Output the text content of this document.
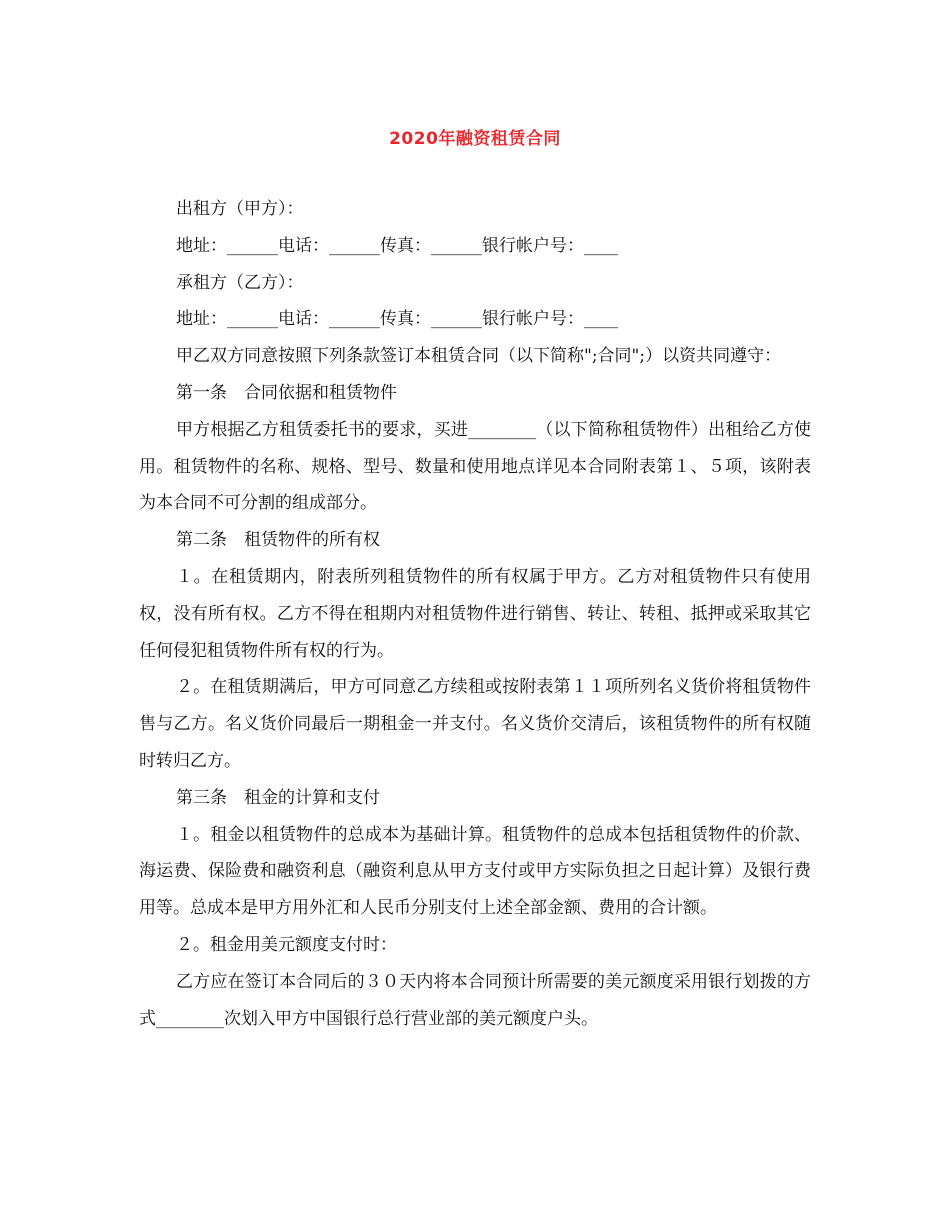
2020年融资租赁合同

出租方（甲方）：

地址：______电话：______传真：______银行帐户号：____

承租方（乙方）：

地址：______电话：______传真：______银行帐户号：____

甲乙双方同意按照下列条款签订本租赁合同（以下简称";合同";）以资共同遵守：

第一条　合同依据和租赁物件

甲方根据乙方租赁委托书的要求，买进________（以下简称租赁物件）出租给乙方使用。租赁物件的名称、规格、型号、数量和使用地点详见本合同附表第１、５项，该附表为本合同不可分割的组成部分。

第二条　租赁物件的所有权

１。在租赁期内，附表所列租赁物件的所有权属于甲方。乙方对租赁物件只有使用权，没有所有权。乙方不得在租期内对租赁物件进行销售、转让、转租、抵押或采取其它任何侵犯租赁物件所有权的行为。

２。在租赁期满后，甲方可同意乙方续租或按附表第１１项所列名义货价将租赁物件售与乙方。名义货价同最后一期租金一并支付。名义货价交清后，该租赁物件的所有权随时转归乙方。

第三条　租金的计算和支付

１。租金以租赁物件的总成本为基础计算。租赁物件的总成本包括租赁物件的价款、海运费、保险费和融资利息（融资利息从甲方支付或甲方实际负担之日起计算）及银行费用等。总成本是甲方用外汇和人民币分别支付上述全部金额、费用的合计额。

２。租金用美元额度支付时：

乙方应在签订本合同后的３０天内将本合同预计所需要的美元额度采用银行划拨的方式________次划入甲方中国银行总行营业部的美元额度户头。
